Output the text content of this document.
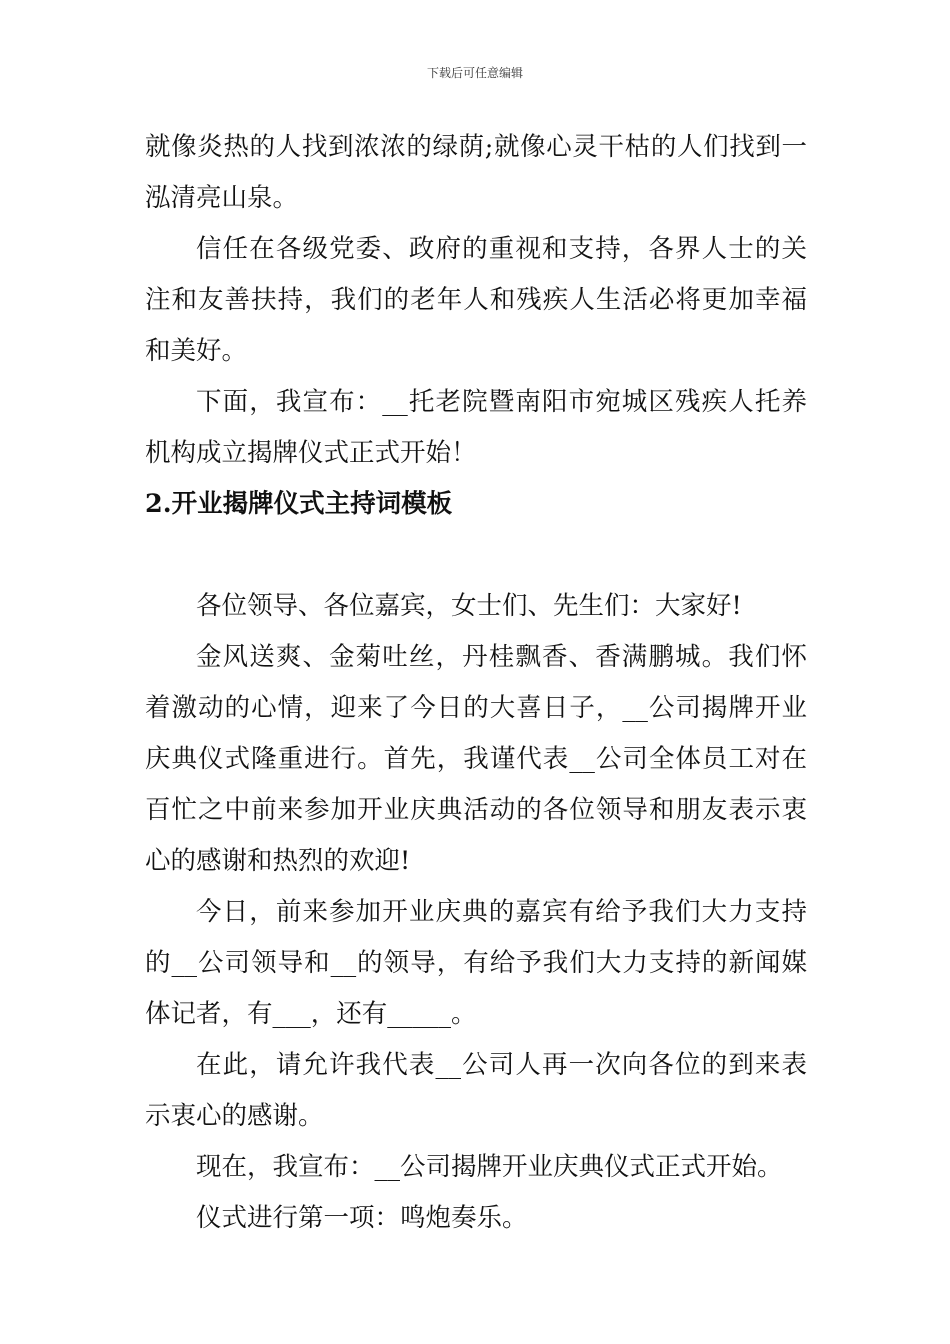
下载后可任意编辑

就像炎热的人找到浓浓的绿荫;就像心灵干枯的人们找到一泓清亮山泉。

信任在各级党委、政府的重视和支持，各界人士的关注和友善扶持，我们的老年人和残疾人生活必将更加幸福和美好。

下面，我宣布：__托老院暨南阳市宛城区残疾人托养机构成立揭牌仪式正式开始！

2.开业揭牌仪式主持词模板

各位领导、各位嘉宾，女士们、先生们：大家好!

金风送爽、金菊吐丝，丹桂飘香、香满鹏城。我们怀着激动的心情，迎来了今日的大喜日子，__公司揭牌开业庆典仪式隆重进行。首先，我谨代表__公司全体员工对在百忙之中前来参加开业庆典活动的各位领导和朋友表示衷心的感谢和热烈的欢迎!

今日，前来参加开业庆典的嘉宾有给予我们大力支持的__公司领导和__的领导，有给予我们大力支持的新闻媒体记者，有___，还有_____。

在此，请允许我代表__公司人再一次向各位的到来表示衷心的感谢。

现在，我宣布：__公司揭牌开业庆典仪式正式开始。

仪式进行第一项：鸣炮奏乐。
